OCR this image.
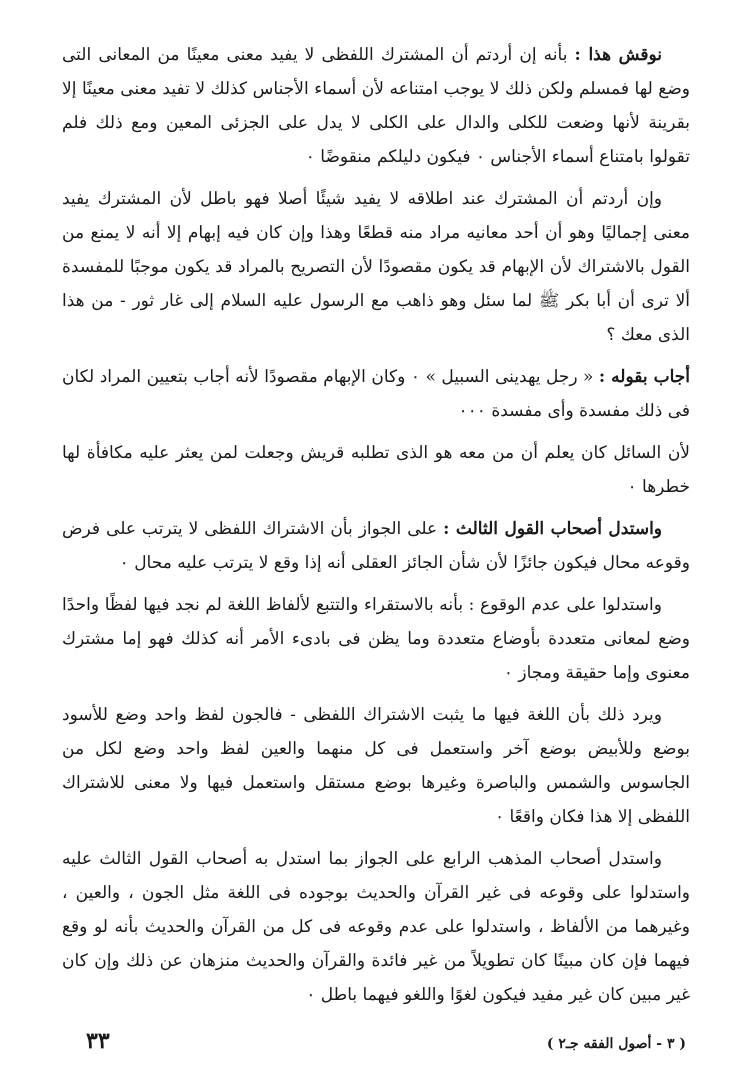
نوقش هذا : بأنه إن أردتم أن المشترك اللفظى لا يفيد معنى معينًا من المعانى التى وضع لها فمسلم ولكن ذلك لا يوجب امتناعه لأن أسماء الأجناس كذلك لا تفيد معنى معينًا إلا بقرينة لأنها وضعت للكلى والدال على الكلى لا يدل على الجزئى المعين ومع ذلك فلم تقولوا بامتناع أسماء الأجناس ٠ فيكون دليلكم منقوضًا ٠

وإن أردتم أن المشترك عند اطلاقه لا يفيد شيئًا أصلا فهو باطل لأن المشترك يفيد معنى إجماليًا وهو أن أحد معانيه مراد منه قطعًا وهذا وإن كان فيه إبهام إلا أنه لا يمنع من القول بالاشتراك لأن الإبهام قد يكون مقصودًا لأن التصريح بالمراد قد يكون موجبًا للمفسدة ألا ترى أن أبا بكر ﷺ لما سئل وهو ذاهب مع الرسول عليه السلام إلى غار ثور - من هذا الذى معك ؟

أجاب بقوله : « رجل يهدينى السبيل » ٠ وكان الإبهام مقصودًا لأنه أجاب بتعيين المراد لكان فى ذلك مفسدة وأى مفسدة ٠٠٠

لأن السائل كان يعلم أن من معه هو الذى تطلبه قريش وجعلت لمن يعثر عليه مكافأة لها خطرها ٠

واستدل أصحاب القول الثالث : على الجواز بأن الاشتراك اللفظى لا يترتب على فرض وقوعه محال فيكون جائزًا لأن شأن الجائز العقلى أنه إذا وقع لا يترتب عليه محال ٠

واستدلوا على عدم الوقوع : بأنه بالاستقراء والتتبع لألفاظ اللغة لم نجد فيها لفظًا واحدًا وضع لمعانى متعددة بأوضاع متعددة وما يظن فى بادىء الأمر أنه كذلك فهو إما مشترك معنوى وإما حقيقة ومجاز ٠

ويرد ذلك بأن اللغة فيها ما يثبت الاشتراك اللفظى - فالجون لفظ واحد وضع للأسود بوضع وللأبيض بوضع آخر واستعمل فى كل منهما والعين لفظ واحد وضع لكل من الجاسوس والشمس والباصرة وغيرها بوضع مستقل واستعمل فيها ولا معنى للاشتراك اللفظى إلا هذا فكان واقعًا ٠

واستدل أصحاب المذهب الرابع على الجواز بما استدل به أصحاب القول الثالث عليه واستدلوا على وقوعه فى غير القرآن والحديث بوجوده فى اللغة مثل الجون ، والعين ، وغيرهما من الألفاظ ، واستدلوا على عدم وقوعه فى كل من القرآن والحديث بأنه لو وقع فيهما فإن كان مبينًا كان تطويلاً من غير فائدة والقرآن والحديث منزهان عن ذلك وإن كان غير مبين كان غير مفيد فيكون لغوًا واللغو فيهما باطل ٠

٣٣	( ٣ - أصول الفقه جـ٢ )
